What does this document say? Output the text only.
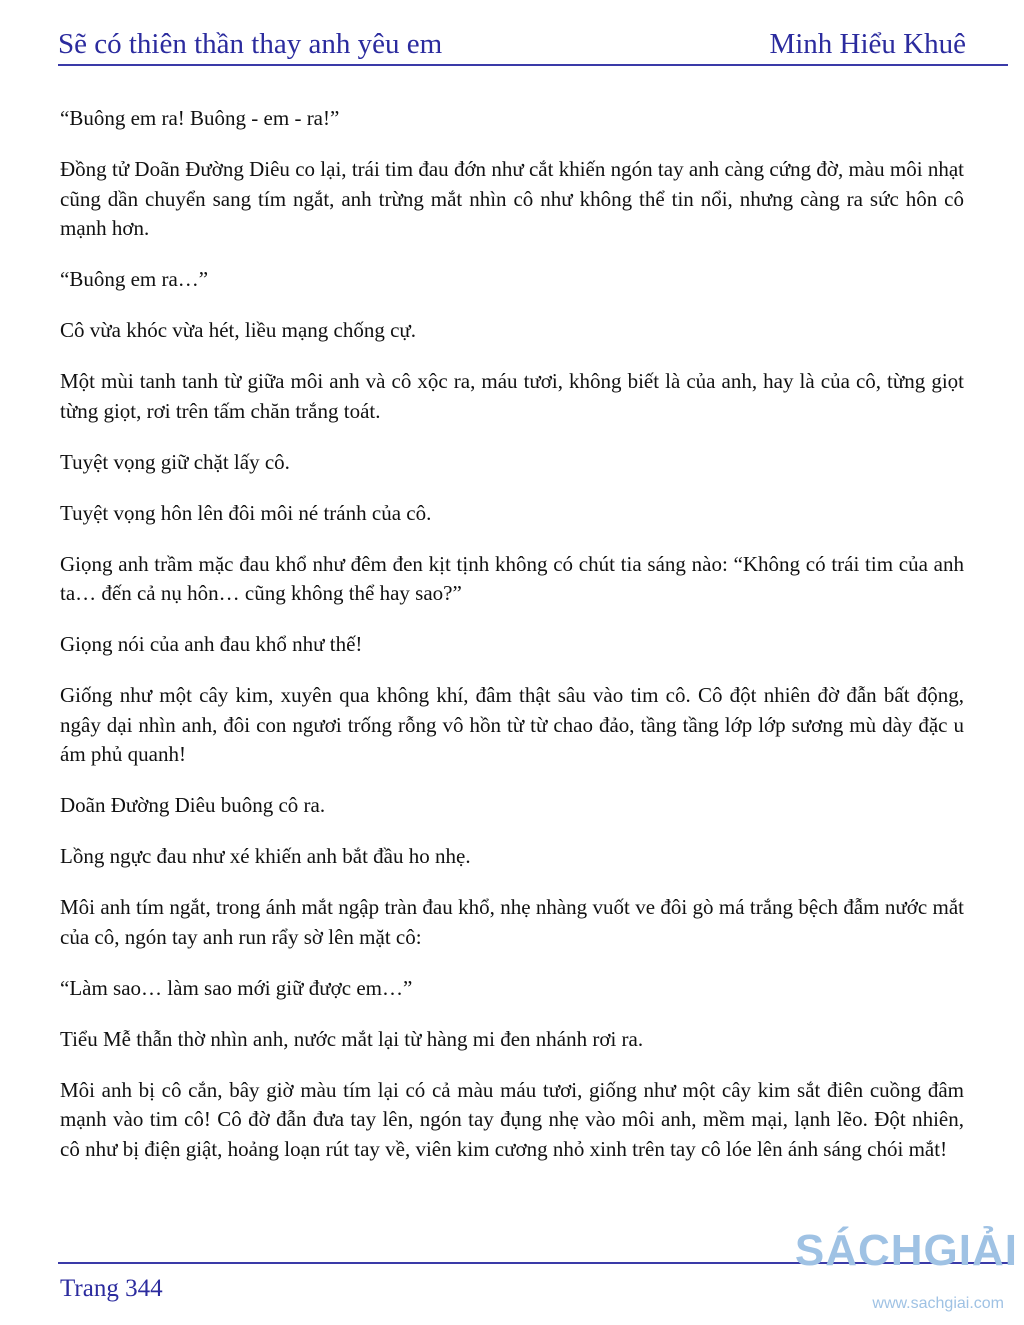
Sẽ có thiên thần thay anh yêu em	Minh Hiểu Khuê

“Buông em ra! Buông - em - ra!”

Đồng tử Doãn Đường Diêu co lại, trái tim đau đớn như cắt khiến ngón tay anh càng cứng đờ, màu môi nhạt cũng dần chuyển sang tím ngắt, anh trừng mắt nhìn cô như không thể tin nổi, nhưng càng ra sức hôn cô mạnh hơn.

“Buông em ra…”

Cô vừa khóc vừa hét, liều mạng chống cự.

Một mùi tanh tanh từ giữa môi anh và cô xộc ra, máu tươi, không biết là của anh, hay là của cô, từng giọt từng giọt, rơi trên tấm chăn trắng toát.

Tuyệt vọng giữ chặt lấy cô.

Tuyệt vọng hôn lên đôi môi né tránh của cô.

Giọng anh trầm mặc đau khổ như đêm đen kịt tịnh không có chút tia sáng nào: “Không có trái tim của anh ta… đến cả nụ hôn… cũng không thể hay sao?”

Giọng nói của anh đau khổ như thế!

Giống như một cây kim, xuyên qua không khí, đâm thật sâu vào tim cô. Cô đột nhiên đờ đẫn bất động, ngây dại nhìn anh, đôi con ngươi trống rỗng vô hồn từ từ chao đảo, tầng tầng lớp lớp sương mù dày đặc u ám phủ quanh!

Doãn Đường Diêu buông cô ra.

Lồng ngực đau như xé khiến anh bắt đầu ho nhẹ.

Môi anh tím ngắt, trong ánh mắt ngập tràn đau khổ, nhẹ nhàng vuốt ve đôi gò má trắng bệch đẫm nước mắt của cô, ngón tay anh run rẩy sờ lên mặt cô:

“Làm sao… làm sao mới giữ được em…”

Tiểu Mễ thẫn thờ nhìn anh, nước mắt lại từ hàng mi đen nhánh rơi ra.

Môi anh bị cô cắn, bây giờ màu tím lại có cả màu máu tươi, giống như một cây kim sắt điên cuồng đâm mạnh vào tim cô! Cô đờ đẫn đưa tay lên, ngón tay đụng nhẹ vào môi anh, mềm mại, lạnh lẽo. Đột nhiên, cô như bị điện giật, hoảng loạn rút tay về, viên kim cương nhỏ xinh trên tay cô lóe lên ánh sáng chói mắt!

Trang 344
SÁCHGIẢI
www.sachgiai.com
